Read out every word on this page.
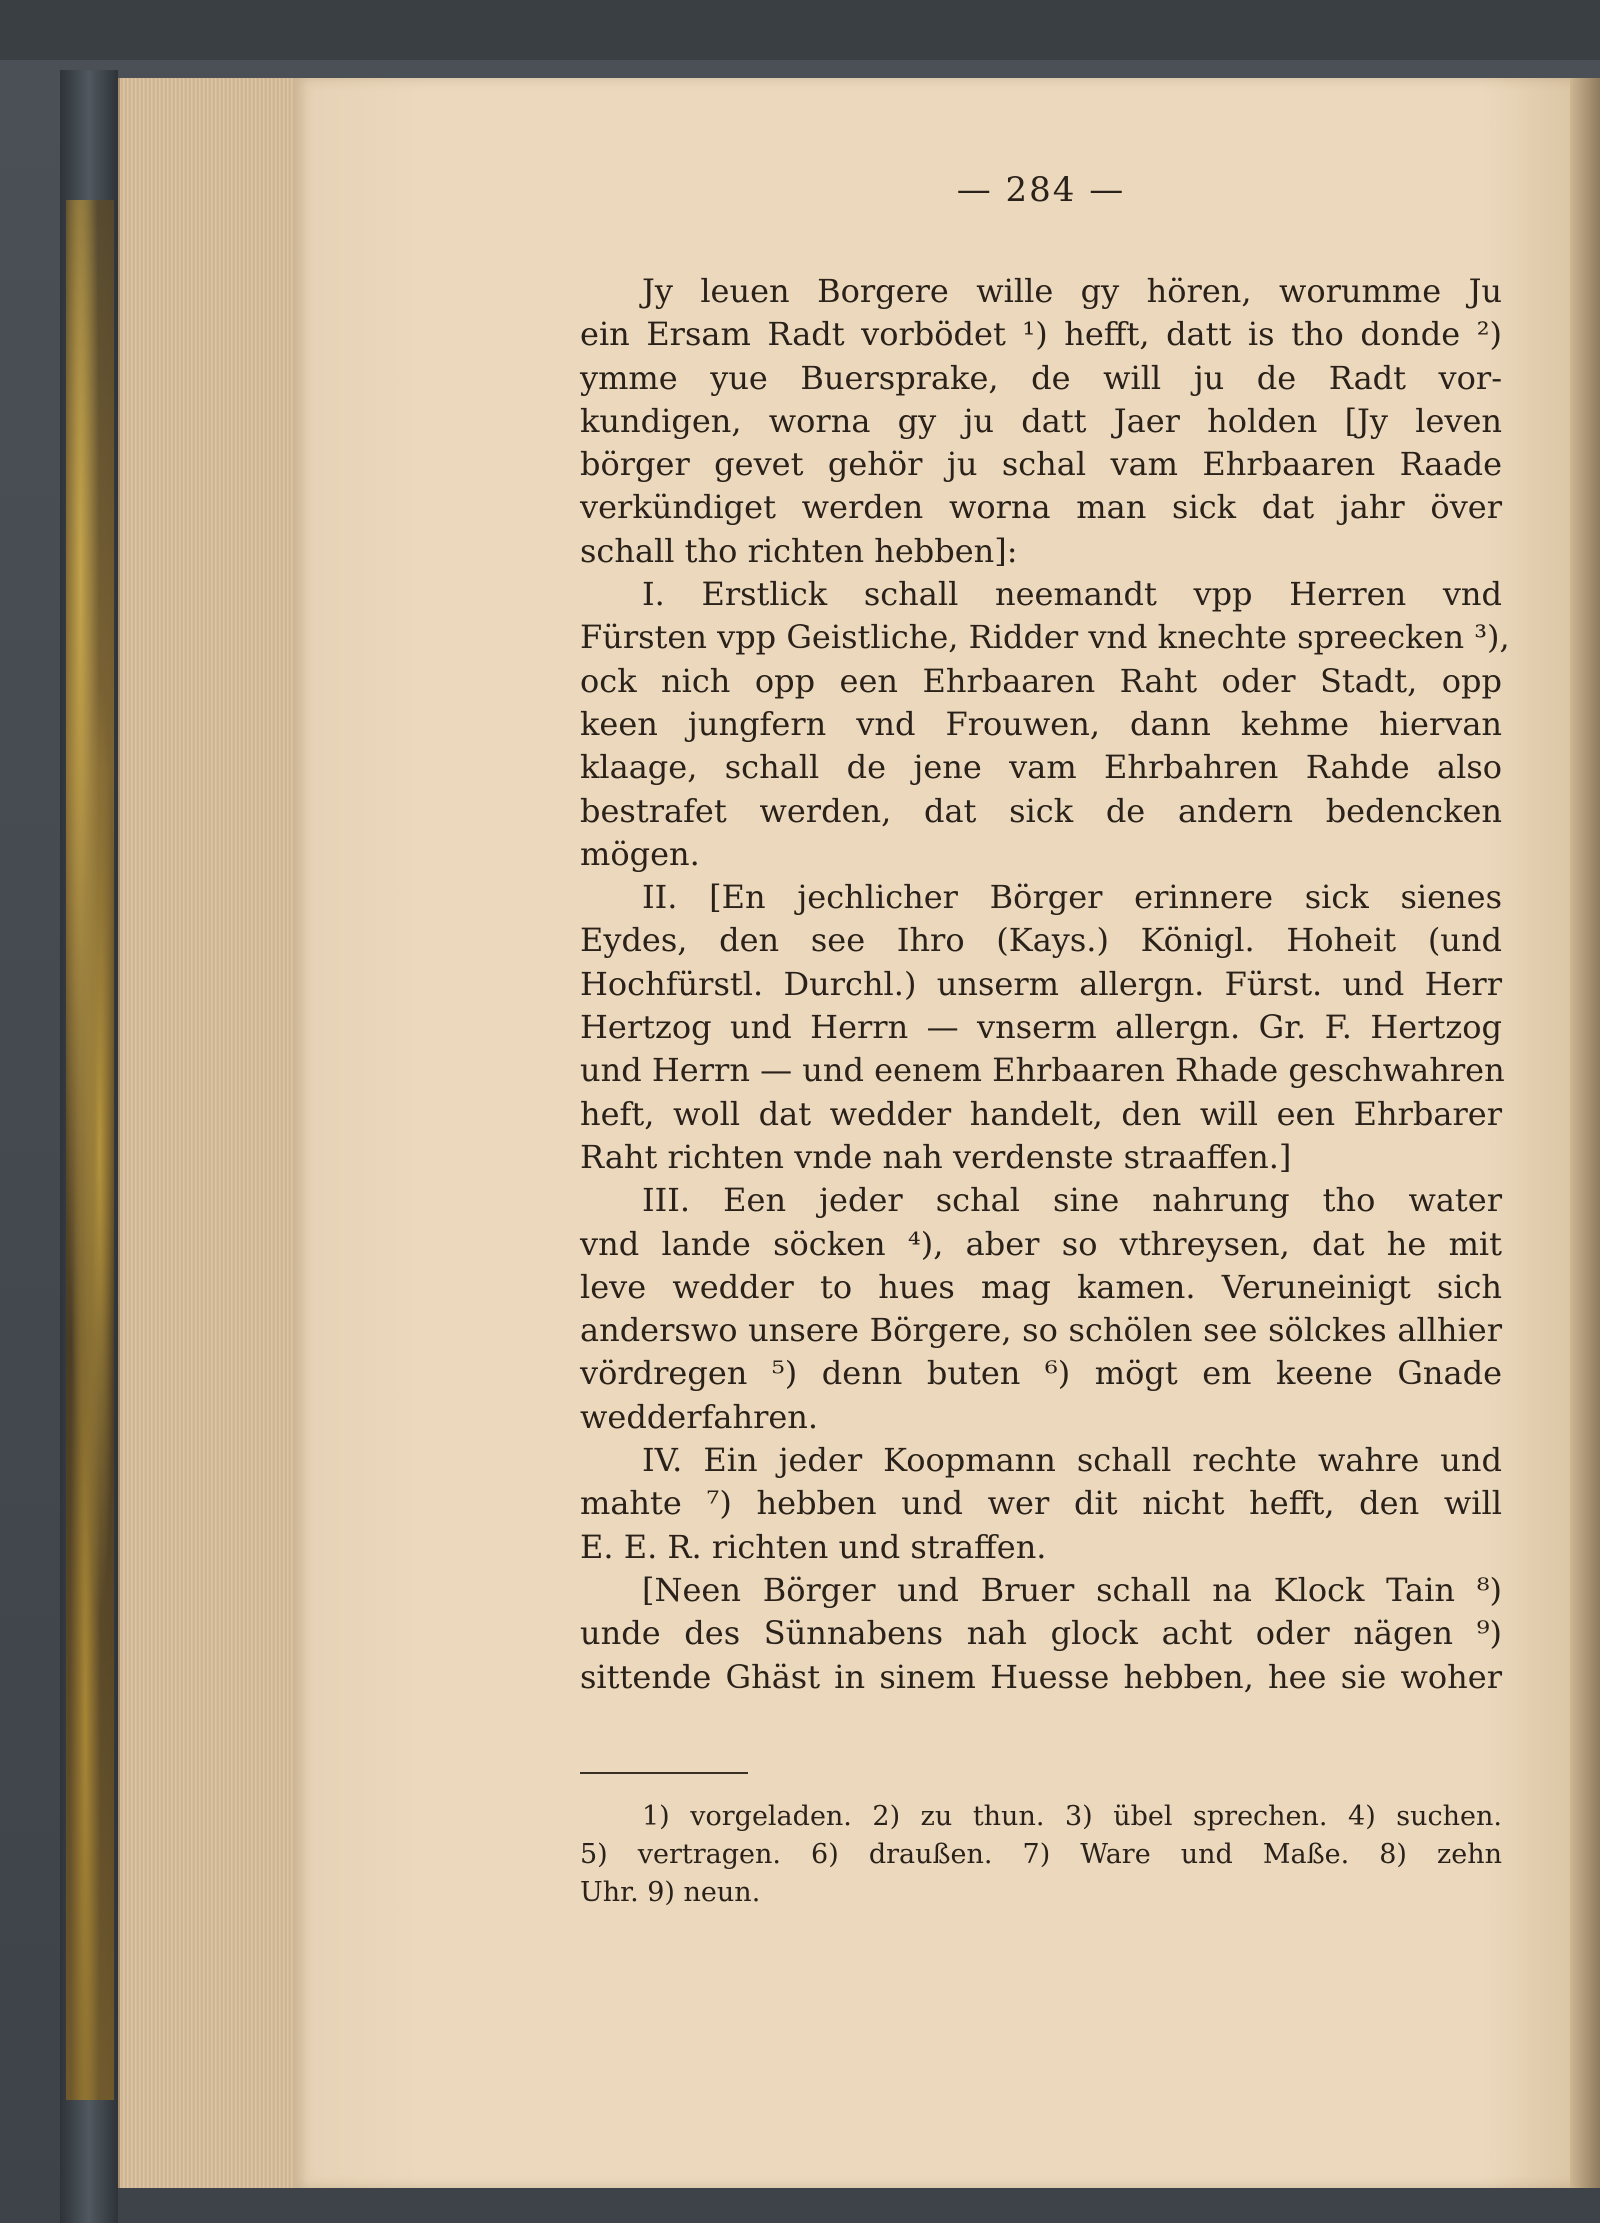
— 284 —
Jy leuen Borgere wille gy hören, worumme Ju
ein Ersam Radt vorbödet ¹) hefft, datt is tho donde ²)
ymme yue Buersprake, de will ju de Radt vor-
kundigen, worna gy ju datt Jaer holden [Jy leven
börger gevet gehör ju schal vam Ehrbaaren Raade
verkündiget werden worna man sick dat jahr över
schall tho richten hebben]:
I. Erstlick schall neemandt vpp Herren vnd
Fürsten vpp Geistliche, Ridder vnd knechte spreecken ³),
ock nich opp een Ehrbaaren Raht oder Stadt, opp
keen jungfern vnd Frouwen, dann kehme hiervan
klaage, schall de jene vam Ehrbahren Rahde also
bestrafet werden, dat sick de andern bedencken
mögen.
II. [En jechlicher Börger erinnere sick sienes
Eydes, den see Ihro (Kays.) Königl. Hoheit (und
Hochfürstl. Durchl.) unserm allergn. Fürst. und Herr
Hertzog und Herrn — vnserm allergn. Gr. F. Hertzog
und Herrn — und eenem Ehrbaaren Rhade geschwahren
heft, woll dat wedder handelt, den will een Ehrbarer
Raht richten vnde nah verdenste straaffen.]
III. Een jeder schal sine nahrung tho water
vnd lande söcken ⁴), aber so vthreysen, dat he mit
leve wedder to hues mag kamen. Veruneinigt sich
anderswo unsere Börgere, so schölen see sölckes allhier
vördregen ⁵) denn buten ⁶) mögt em keene Gnade
wedderfahren.
IV. Ein jeder Koopmann schall rechte wahre und
mahte ⁷) hebben und wer dit nicht hefft, den will
E. E. R. richten und straffen.
[Neen Börger und Bruer schall na Klock Tain ⁸)
unde des Sünnabens nah glock acht oder nägen ⁹)
sittende Ghäst in sinem Huesse hebben, hee sie woher
1) vorgeladen. 2) zu thun. 3) übel sprechen. 4) suchen.
5) vertragen. 6) draußen. 7) Ware und Maße. 8) zehn
Uhr. 9) neun.
